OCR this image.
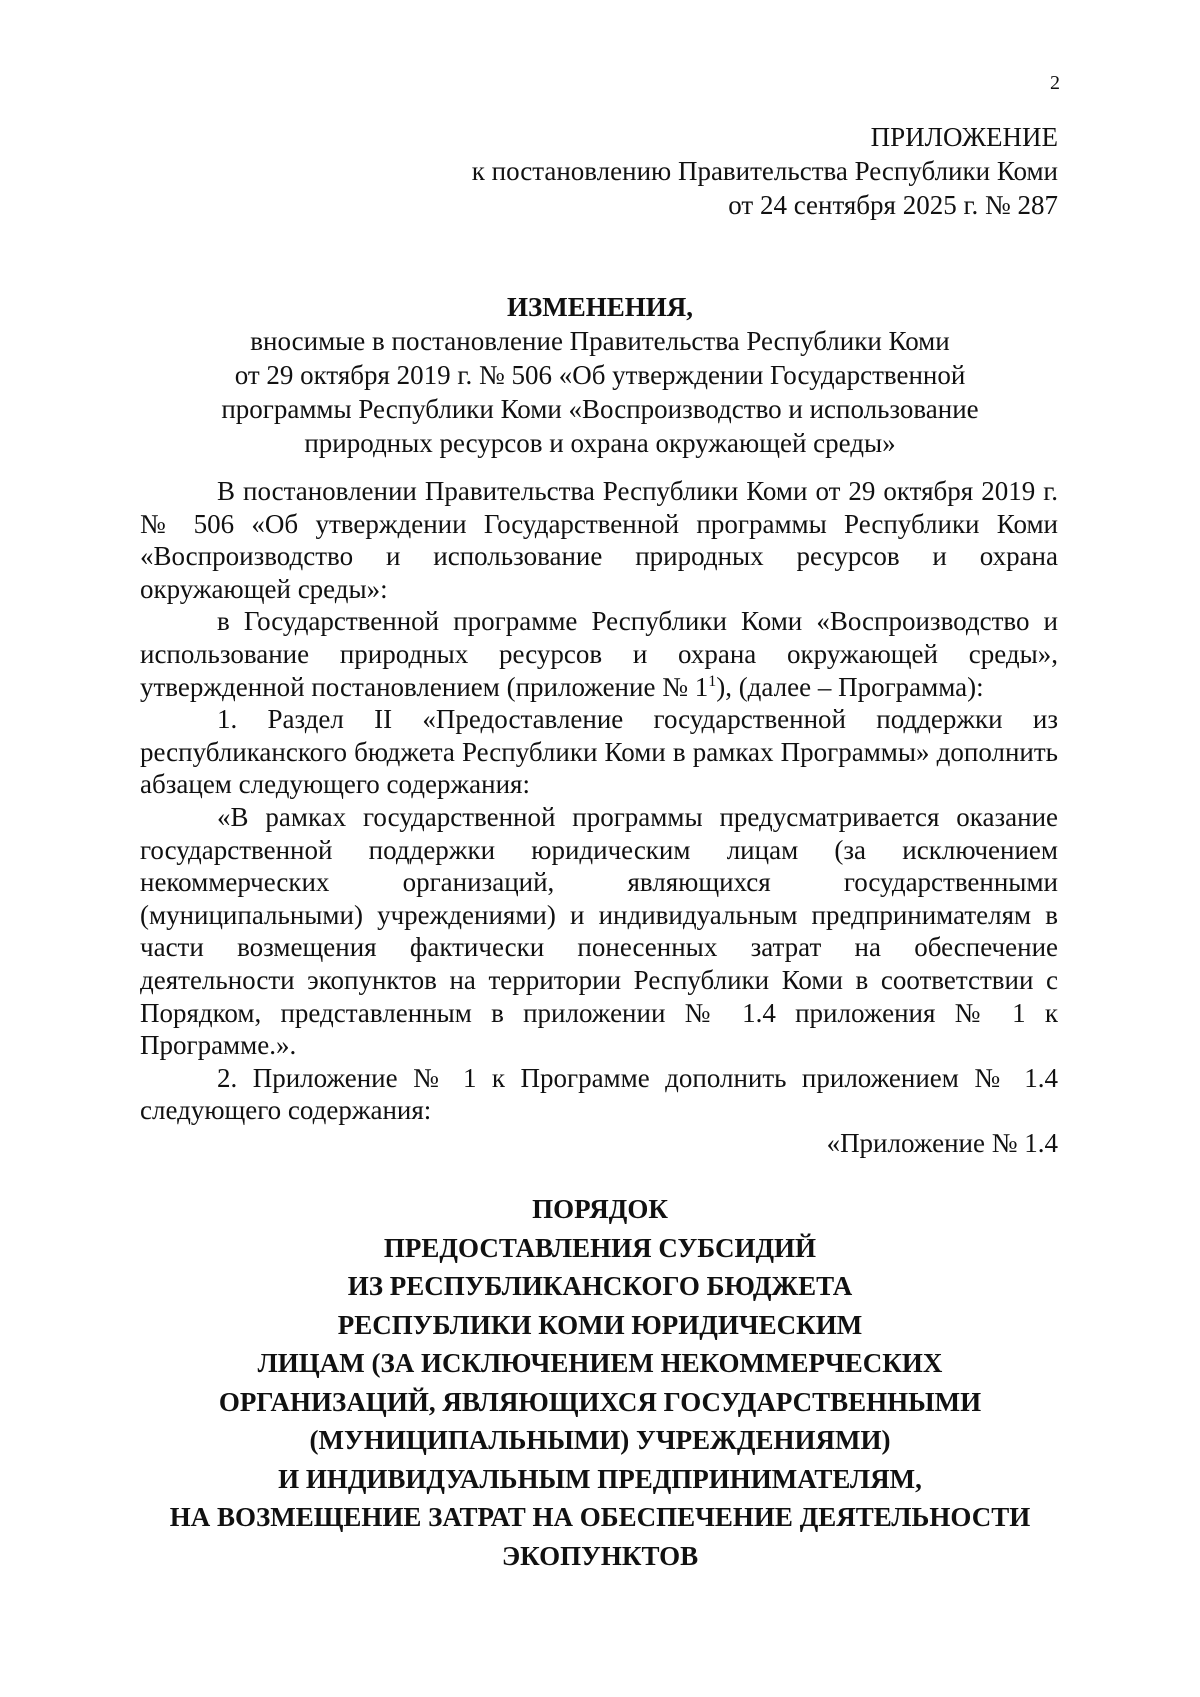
2
ПРИЛОЖЕНИЕ
к постановлению Правительства Республики Коми
от 24 сентября 2025 г. № 287
ИЗМЕНЕНИЯ,
вносимые в постановление Правительства Республики Коми
от 29 октября 2019 г. № 506 «Об утверждении Государственной
программы Республики Коми «Воспроизводство и использование
природных ресурсов и охрана окружающей среды»

В постановлении Правительства Республики Коми от 29 октября 2019 г. № 506 «Об утверждении Государственной программы Республики Коми «Воспроизводство и использование природных ресурсов и охрана окружающей среды»:

в Государственной программе Республики Коми «Воспроизводство и использование природных ресурсов и охрана окружающей среды», утвержденной постановлением (приложение № $1^1$), (далее – Программа):

1. Раздел II «Предоставление государственной поддержки из республиканского бюджета Республики Коми в рамках Программы» дополнить абзацем следующего содержания:

«В рамках государственной программы предусматривается оказание государственной поддержки юридическим лицам (за исключением некоммерческих организаций, являющихся государственными (муниципальными) учреждениями) и индивидуальным предпринимателям в части возмещения фактически понесенных затрат на обеспечение деятельности экопунктов на территории Республики Коми в соответствии с Порядком, представленным в приложении № 1.4 приложения № 1 к Программе.».

2. Приложение № 1 к Программе дополнить приложением № 1.4 следующего содержания:

«Приложение № 1.4
ПОРЯДОК
ПРЕДОСТАВЛЕНИЯ СУБСИДИЙ
ИЗ РЕСПУБЛИКАНСКОГО БЮДЖЕТА
РЕСПУБЛИКИ КОМИ ЮРИДИЧЕСКИМ
ЛИЦАМ (ЗА ИСКЛЮЧЕНИЕМ НЕКОММЕРЧЕСКИХ
ОРГАНИЗАЦИЙ, ЯВЛЯЮЩИХСЯ ГОСУДАРСТВЕННЫМИ
(МУНИЦИПАЛЬНЫМИ) УЧРЕЖДЕНИЯМИ)
И ИНДИВИДУАЛЬНЫМ ПРЕДПРИНИМАТЕЛЯМ,
НА ВОЗМЕЩЕНИЕ ЗАТРАТ НА ОБЕСПЕЧЕНИЕ ДЕЯТЕЛЬНОСТИ
ЭКОПУНКТОВ
